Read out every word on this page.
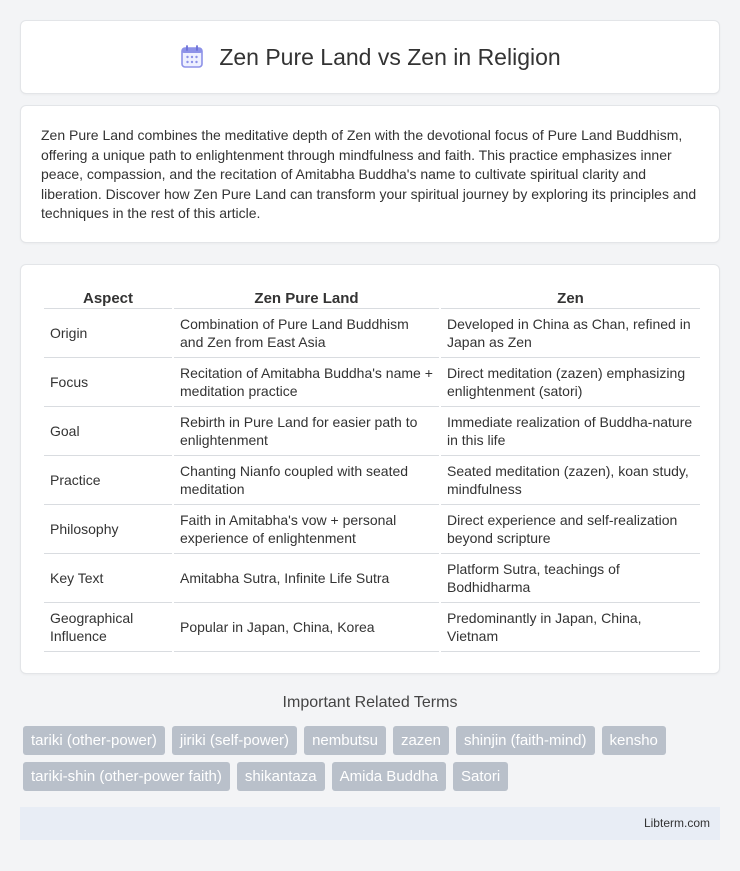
Zen Pure Land vs Zen in Religion

Zen Pure Land combines the meditative depth of Zen with the devotional focus of Pure Land Buddhism, offering a unique path to enlightenment through mindfulness and faith. This practice emphasizes inner peace, compassion, and the recitation of Amitabha Buddha's name to cultivate spiritual clarity and liberation. Discover how Zen Pure Land can transform your spiritual journey by exploring its principles and techniques in the rest of this article.

Aspect	Zen Pure Land	Zen
Origin	Combination of Pure Land Buddhism and Zen from East Asia	Developed in China as Chan, refined in Japan as Zen
Focus	Recitation of Amitabha Buddha's name + meditation practice	Direct meditation (zazen) emphasizing enlightenment (satori)
Goal	Rebirth in Pure Land for easier path to enlightenment	Immediate realization of Buddha-nature in this life
Practice	Chanting Nianfo coupled with seated meditation	Seated meditation (zazen), koan study, mindfulness
Philosophy	Faith in Amitabha's vow + personal experience of enlightenment	Direct experience and self-realization beyond scripture
Key Text	Amitabha Sutra, Infinite Life Sutra	Platform Sutra, teachings of Bodhidharma
Geographical Influence	Popular in Japan, China, Korea	Predominantly in Japan, China, Vietnam
Important Related Terms
tariki (other-power)	jiriki (self-power)	nembutsu	zazen	shinjin (faith-mind)	kensho
tariki-shin (other-power faith)	shikantaza	Amida Buddha	Satori
Libterm.com
